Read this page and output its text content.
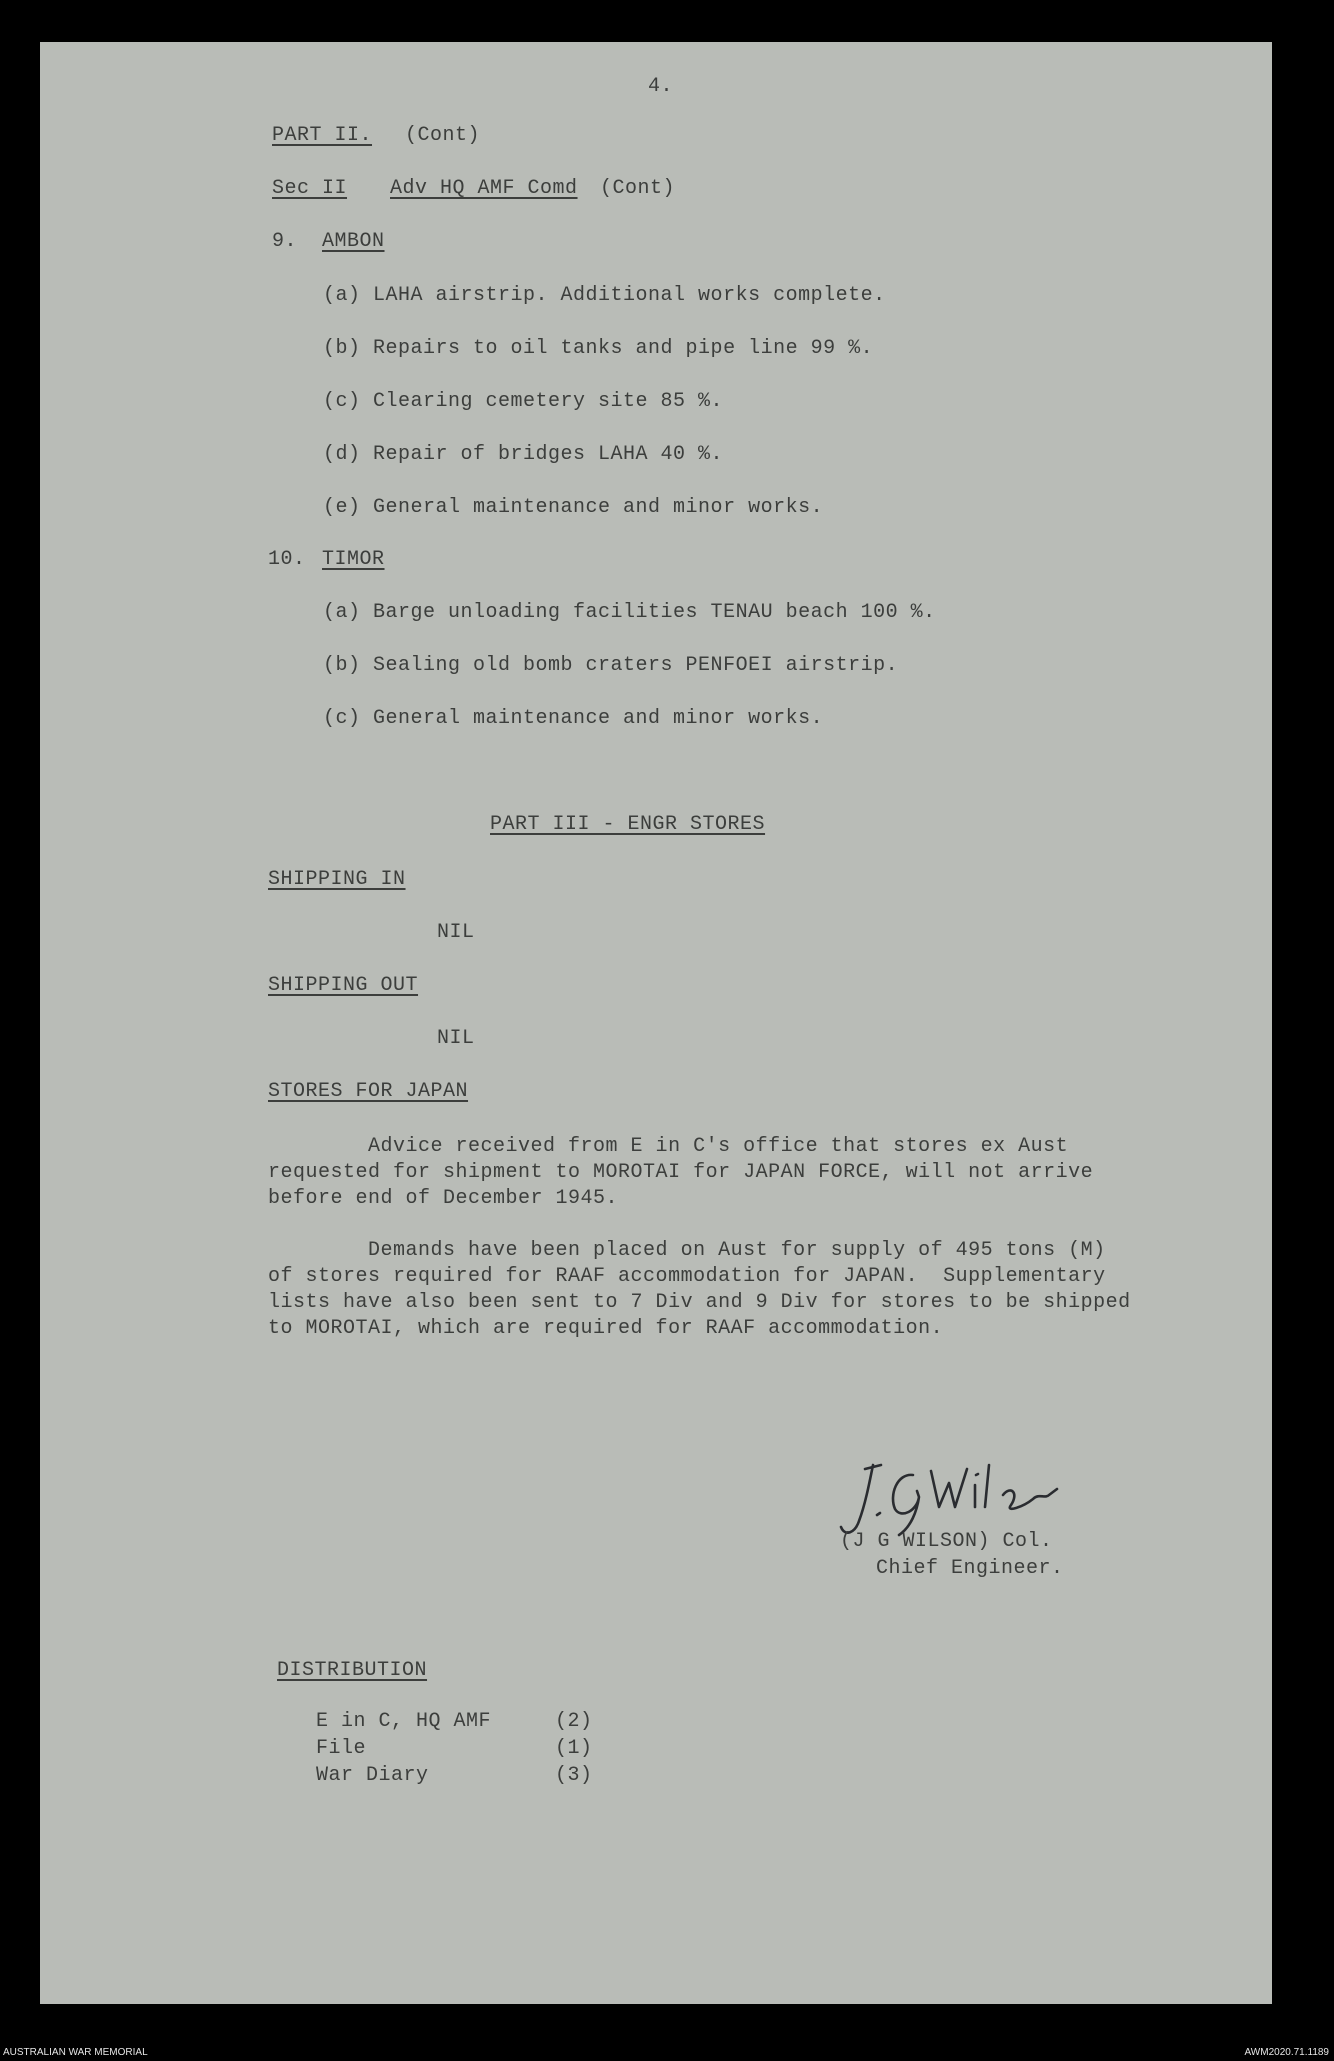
4.
PART II. (Cont)
Sec II Adv HQ AMF Comd (Cont)
9. AMBON
(a) LAHA airstrip. Additional works complete.
(b) Repairs to oil tanks and pipe line 99 %.
(c) Clearing cemetery site 85 %.
(d) Repair of bridges LAHA 40 %.
(e) General maintenance and minor works.
10. TIMOR
(a) Barge unloading facilities TENAU beach 100 %.
(b) Sealing old bomb craters PENFOEI airstrip.
(c) General maintenance and minor works.
PART III - ENGR STORES
SHIPPING IN
NIL
SHIPPING OUT
NIL
STORES FOR JAPAN
Advice received from E in C's office that stores ex Aust
requested for shipment to MOROTAI for JAPAN FORCE, will not arrive
before end of December 1945.
Demands have been placed on Aust for supply of 495 tons (M)
of stores required for RAAF accommodation for JAPAN.  Supplementary
lists have also been sent to 7 Div and 9 Div for stores to be shipped
to MOROTAI, which are required for RAAF accommodation.
(J G WILSON) Col.
Chief Engineer.
DISTRIBUTION
E in C, HQ AMF	(2)
File	(1)
War Diary	(3)
AUSTRALIAN WAR MEMORIAL	AWM2020.71.1189
